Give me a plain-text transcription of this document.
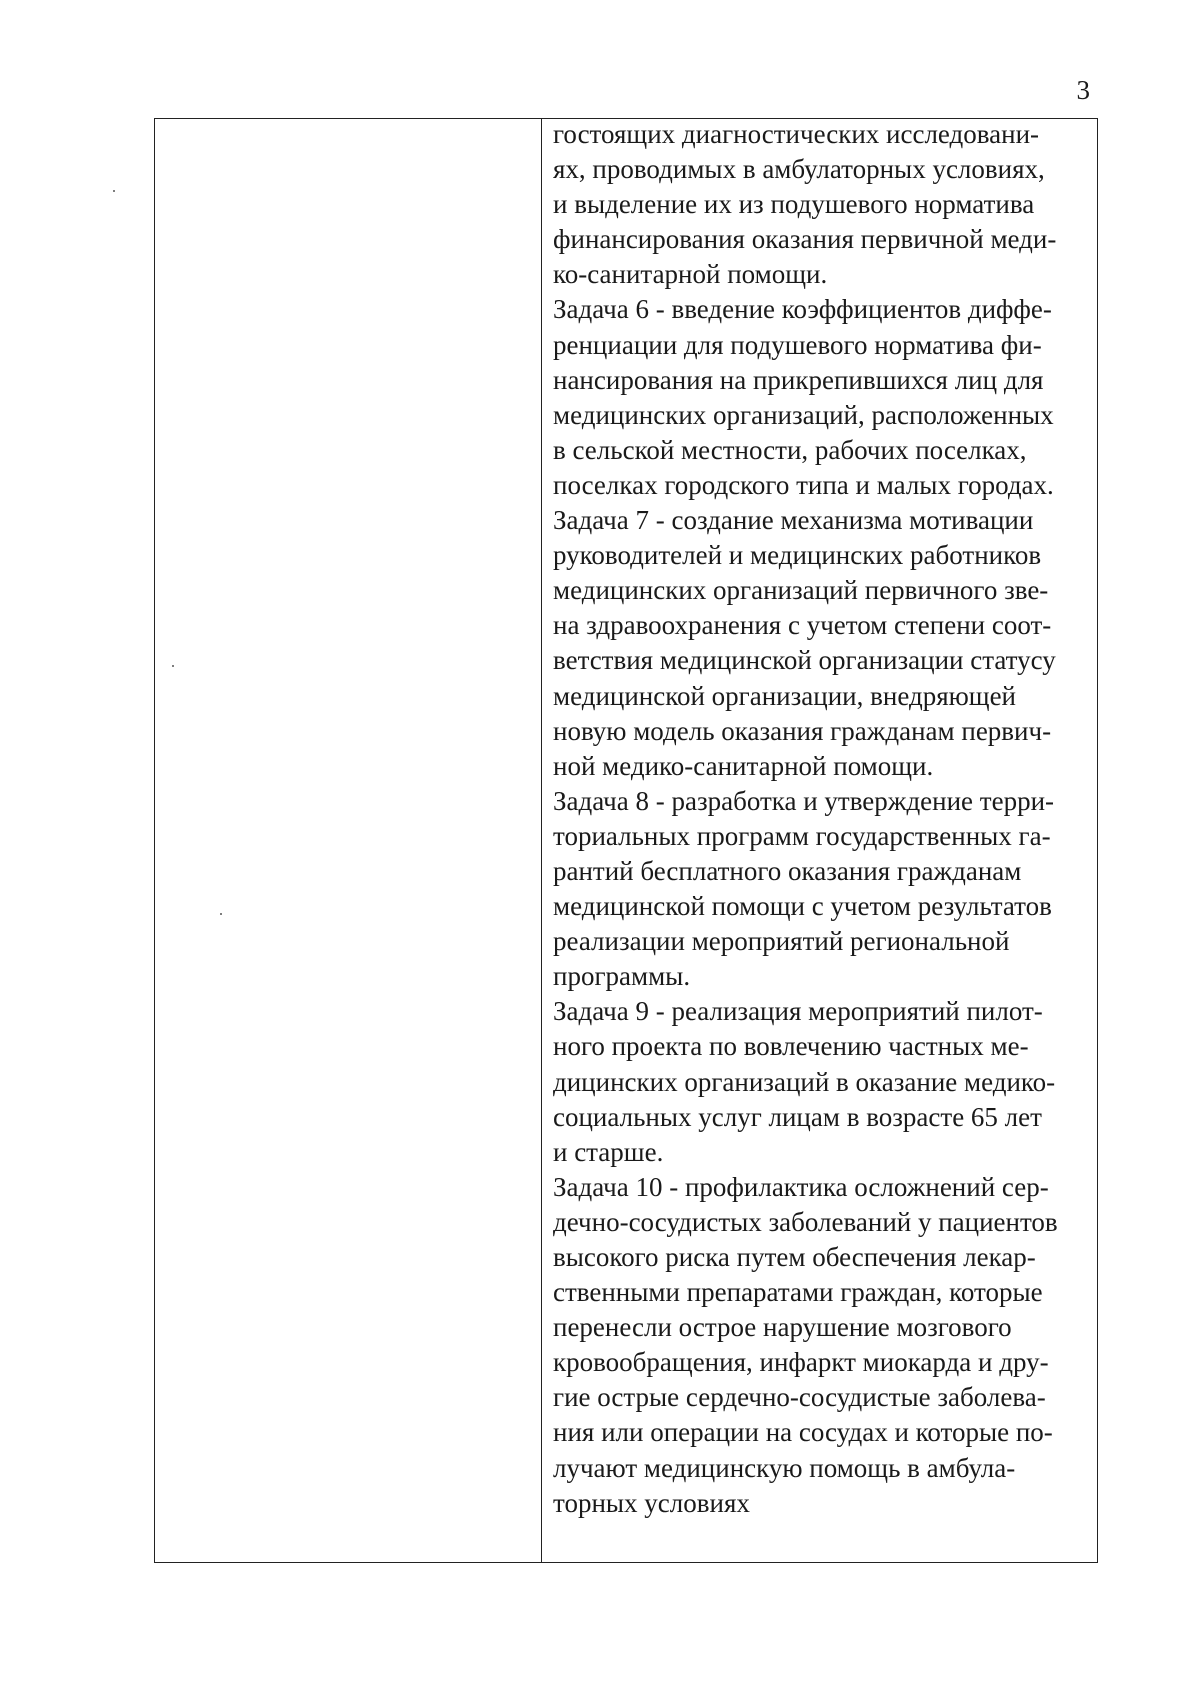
3

гостоящих диагностических исследовани-
ях, проводимых в амбулаторных условиях,
и выделение их из подушевого норматива
финансирования оказания первичной меди-
ко-санитарной помощи.
Задача 6 - введение коэффициентов диффе-
ренциации для подушевого норматива фи-
нансирования на прикрепившихся лиц для
медицинских организаций, расположенных
в сельской местности, рабочих поселках,
поселках городского типа и малых городах.
Задача 7 - создание механизма мотивации
руководителей и медицинских работников
медицинских организаций первичного зве-
на здравоохранения с учетом степени соот-
ветствия медицинской организации статусу
медицинской организации, внедряющей
новую модель оказания гражданам первич-
ной медико-санитарной помощи.
Задача 8 - разработка и утверждение терри-
ториальных программ государственных га-
рантий бесплатного оказания гражданам
медицинской помощи с учетом результатов
реализации мероприятий региональной
программы.
Задача 9 - реализация мероприятий пилот-
ного проекта по вовлечению частных ме-
дицинских организаций в оказание медико-
социальных услуг лицам в возрасте 65 лет
и старше.
Задача 10 - профилактика осложнений сер-
дечно-сосудистых заболеваний у пациентов
высокого риска путем обеспечения лекар-
ственными препаратами граждан, которые
перенесли острое нарушение мозгового
кровообращения, инфаркт миокарда и дру-
гие острые сердечно-сосудистые заболева-
ния или операции на сосудах и которые по-
лучают медицинскую помощь в амбула-
торных условиях
